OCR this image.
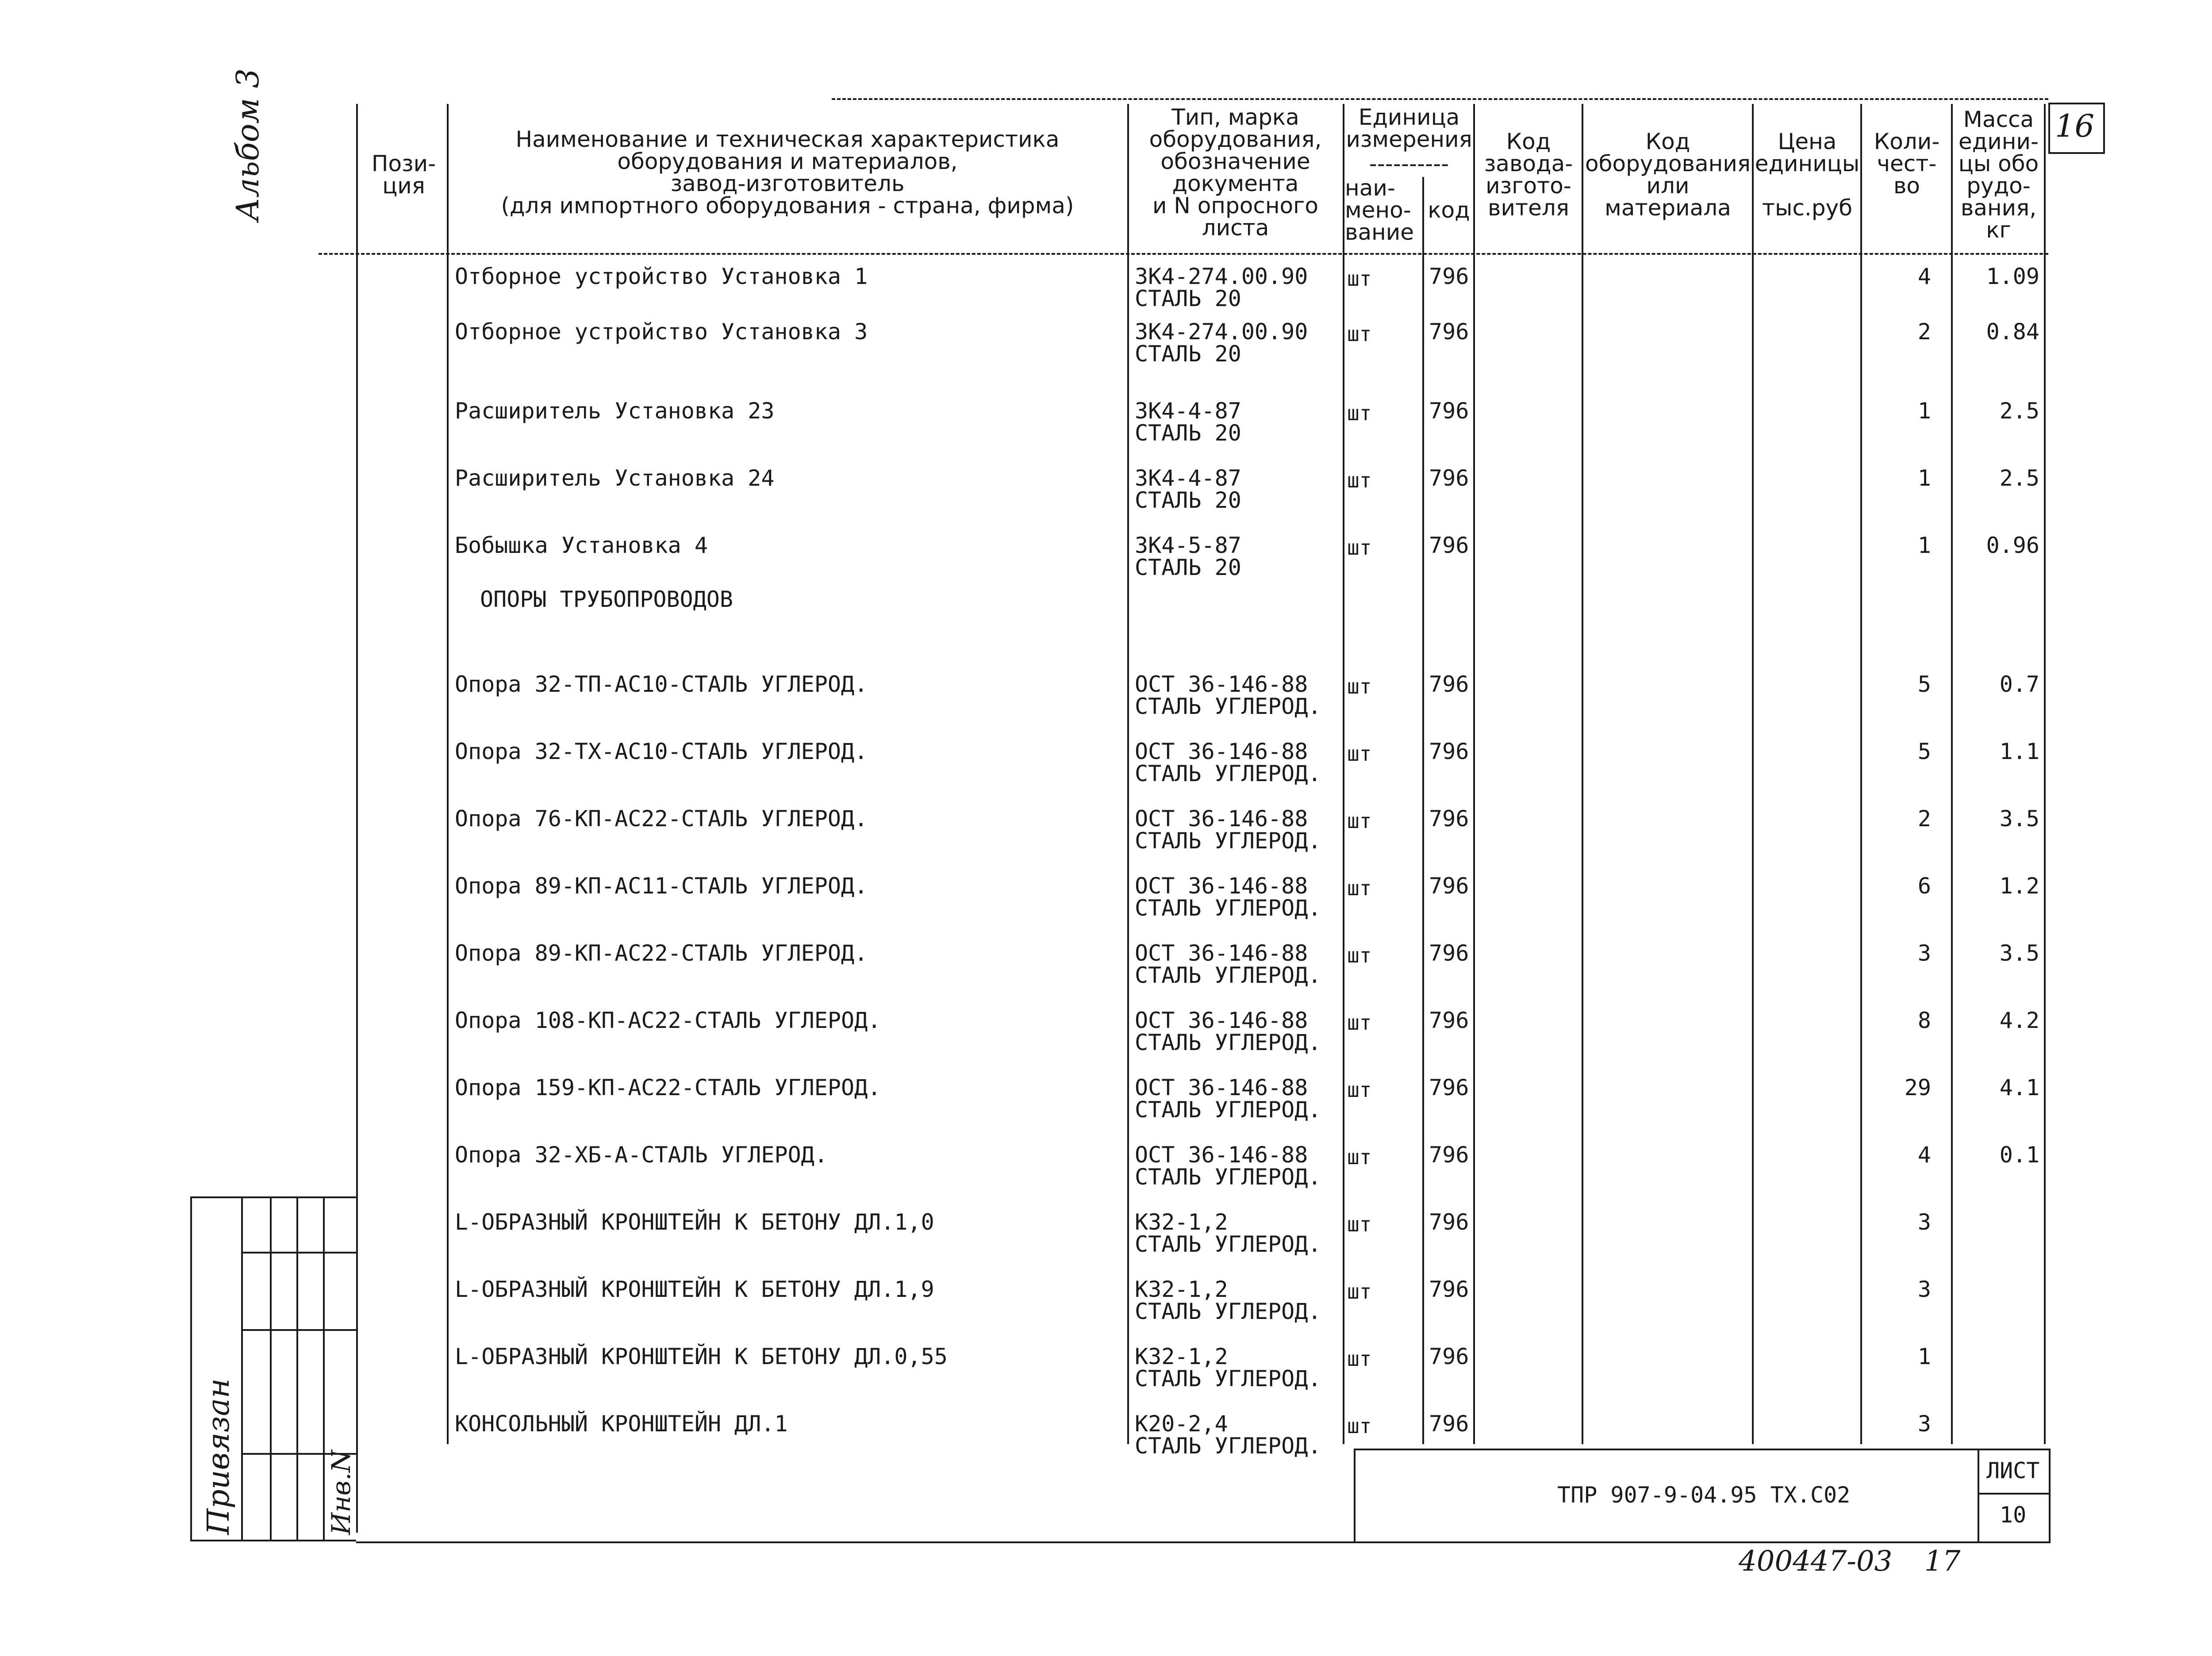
Пози-
ция
Наименование и техническая характеристика
оборудования и материалов,
завод-изготовитель
(для импортного оборудования - страна, фирма)
Тип, марка
оборудования,
обозначение
документа
и N опросного
листа
Единица
измерения
----------
наи-
мено-
вание
код
Код
завода-
изгото-
вителя
Код
оборудования
или
материала
Цена
единицы

тыс.руб
Коли-
чест-
во
Масса
едини-
цы обо
рудо-
вания,
кг
16
Альбом 3
Отборное устройство Установка 1	ЗК4-274.00.90
СТАЛЬ 20
шт	796	4	1.09
Отборное устройство Установка 3	ЗК4-274.00.90
СТАЛЬ 20
шт	796	2	0.84
Расширитель Установка 23	ЗК4-4-87
СТАЛЬ 20
шт	796	1	2.5
Расширитель Установка 24	ЗК4-4-87
СТАЛЬ 20
шт	796	1	2.5
Бобышка Установка 4	ЗК4-5-87
СТАЛЬ 20
шт	796	1	0.96
Опора 32-ТП-АС10-СТАЛЬ УГЛЕРОД.	ОСТ 36-146-88
СТАЛЬ УГЛЕРОД.
шт	796	5	0.7
Опора 32-ТХ-АС10-СТАЛЬ УГЛЕРОД.	ОСТ 36-146-88
СТАЛЬ УГЛЕРОД.
шт	796	5	1.1
Опора 76-КП-АС22-СТАЛЬ УГЛЕРОД.	ОСТ 36-146-88
СТАЛЬ УГЛЕРОД.
шт	796	2	3.5
Опора 89-КП-АС11-СТАЛЬ УГЛЕРОД.	ОСТ 36-146-88
СТАЛЬ УГЛЕРОД.
шт	796	6	1.2
Опора 89-КП-АС22-СТАЛЬ УГЛЕРОД.	ОСТ 36-146-88
СТАЛЬ УГЛЕРОД.
шт	796	3	3.5
Опора 108-КП-АС22-СТАЛЬ УГЛЕРОД.	ОСТ 36-146-88
СТАЛЬ УГЛЕРОД.
шт	796	8	4.2
Опора 159-КП-АС22-СТАЛЬ УГЛЕРОД.	ОСТ 36-146-88
СТАЛЬ УГЛЕРОД.
шт	796	29	4.1
Опора 32-ХБ-А-СТАЛЬ УГЛЕРОД.	ОСТ 36-146-88
СТАЛЬ УГЛЕРОД.
шт	796	4	0.1
L-ОБРАЗНЫЙ КРОНШТЕЙН К БЕТОНУ ДЛ.1,0	К32-1,2
СТАЛЬ УГЛЕРОД.
шт	796	3
L-ОБРАЗНЫЙ КРОНШТЕЙН К БЕТОНУ ДЛ.1,9	К32-1,2
СТАЛЬ УГЛЕРОД.
шт	796	3
L-ОБРАЗНЫЙ КРОНШТЕЙН К БЕТОНУ ДЛ.0,55	К32-1,2
СТАЛЬ УГЛЕРОД.
шт	796	1
КОНСОЛЬНЫЙ КРОНШТЕЙН ДЛ.1	К20-2,4
СТАЛЬ УГЛЕРОД.
шт	796	3
ОПОРЫ ТРУБОПРОВОДОВ
ТПР 907-9-04.95 ТХ.С02
ЛИСТ
10
Привязан	Инв.N
400447-03 17
